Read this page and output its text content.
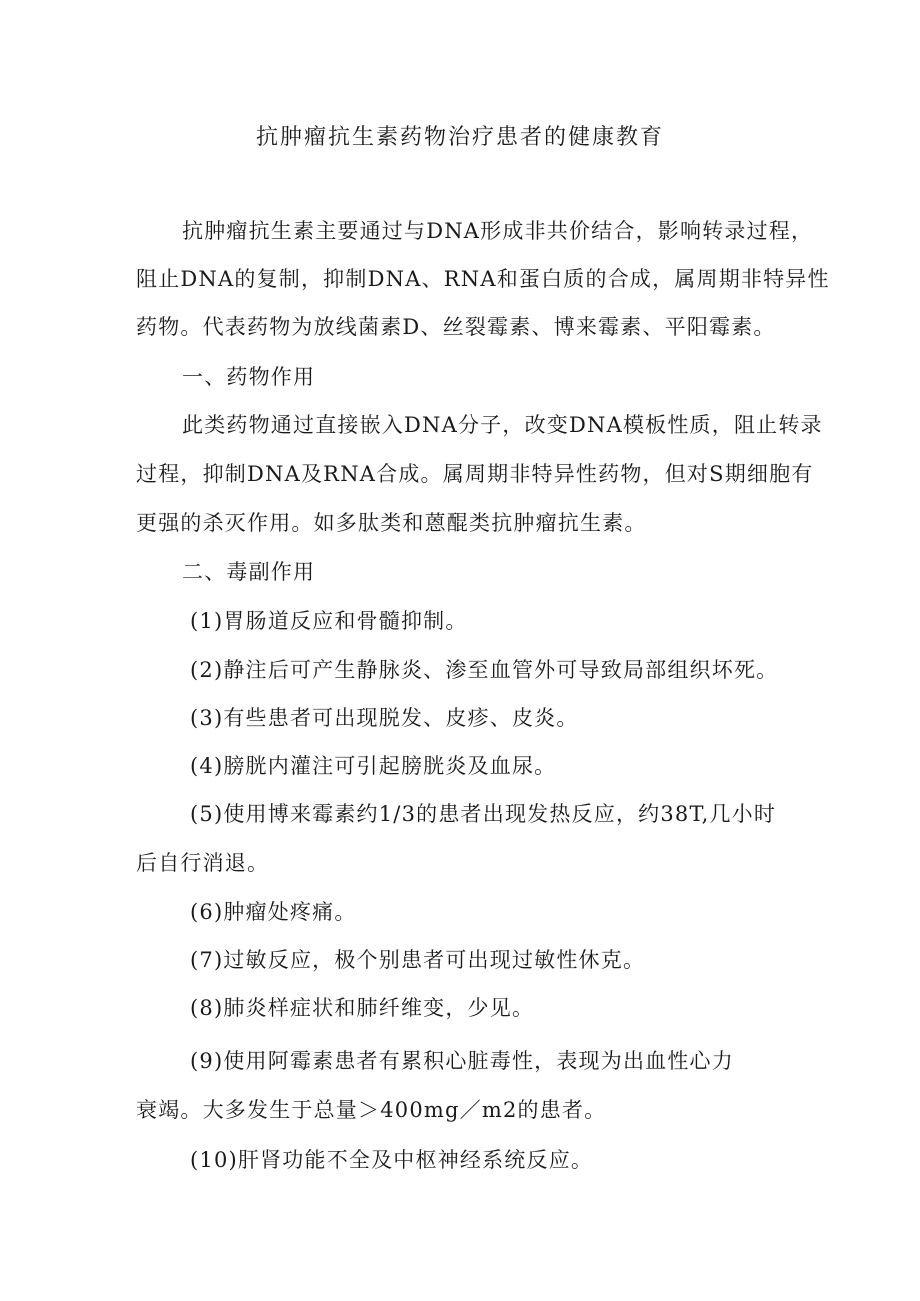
抗肿瘤抗生素药物治疗患者的健康教育

抗肿瘤抗生素主要通过与DNA形成非共价结合，影响转录过程，

阻止DNA的复制，抑制DNA、RNA和蛋白质的合成，属周期非特异性

药物。代表药物为放线菌素D、丝裂霉素、博来霉素、平阳霉素。

一、药物作用

此类药物通过直接嵌入DNA分子，改变DNA模板性质，阻止转录

过程，抑制DNA及RNA合成。属周期非特异性药物，但对S期细胞有

更强的杀灭作用。如多肽类和蒽醌类抗肿瘤抗生素。

二、毒副作用

(1)胃肠道反应和骨髓抑制。

(2)静注后可产生静脉炎、渗至血管外可导致局部组织坏死。

(3)有些患者可出现脱发、皮疹、皮炎。

(4)膀胱内灌注可引起膀胱炎及血尿。

(5)使用博来霉素约1/3的患者出现发热反应，约38T,几小时

后自行消退。

(6)肿瘤处疼痛。

(7)过敏反应，极个别患者可出现过敏性休克。

(8)肺炎样症状和肺纤维变，少见。

(9)使用阿霉素患者有累积心脏毒性，表现为出血性心力

衰竭。大多发生于总量＞400mg／m2的患者。

(10)肝肾功能不全及中枢神经系统反应。
